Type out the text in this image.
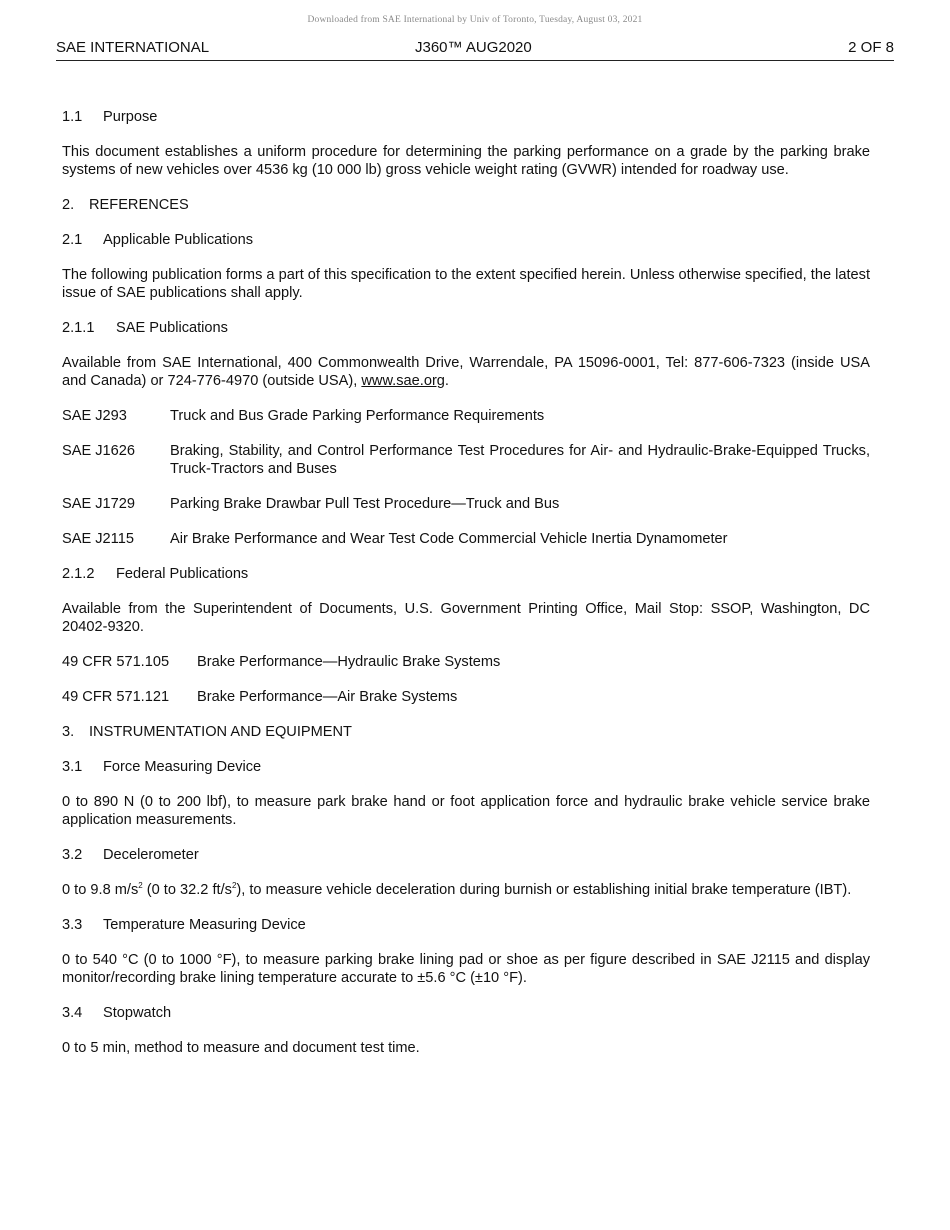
Downloaded from SAE International by Univ of Toronto, Tuesday, August 03, 2021
SAE INTERNATIONAL	J360™ AUG2020	2 OF 8
1.1	Purpose

This document establishes a uniform procedure for determining the parking performance on a grade by the parking brake systems of new vehicles over 4536 kg (10 000 lb) gross vehicle weight rating (GVWR) intended for roadway use.

2.	REFERENCES
2.1	Applicable Publications

The following publication forms a part of this specification to the extent specified herein. Unless otherwise specified, the latest issue of SAE publications shall apply.

2.1.1	SAE Publications

Available from SAE International, 400 Commonwealth Drive, Warrendale, PA 15096-0001, Tel: 877-606-7323 (inside USA and Canada) or 724-776-4970 (outside USA), www.sae.org.

SAE J293	Truck and Bus Grade Parking Performance Requirements
SAE J1626	Braking, Stability, and Control Performance Test Procedures for Air- and Hydraulic-Brake-Equipped Trucks, Truck-Tractors and Buses
SAE J1729	Parking Brake Drawbar Pull Test Procedure—Truck and Bus
SAE J2115	Air Brake Performance and Wear Test Code Commercial Vehicle Inertia Dynamometer
2.1.2	Federal Publications

Available from the Superintendent of Documents, U.S. Government Printing Office, Mail Stop: SSOP, Washington, DC 20402-9320.

49 CFR 571.105	Brake Performance—Hydraulic Brake Systems
49 CFR 571.121	Brake Performance—Air Brake Systems
3.	INSTRUMENTATION AND EQUIPMENT
3.1	Force Measuring Device

0 to 890 N (0 to 200 lbf), to measure park brake hand or foot application force and hydraulic brake vehicle service brake application measurements.

3.2	Decelerometer

0 to 9.8 $m/s^2$ (0 to 32.2 $ft/s^2$), to measure vehicle deceleration during burnish or establishing initial brake temperature (IBT).

3.3	Temperature Measuring Device

0 to 540 °C (0 to 1000 °F), to measure parking brake lining pad or shoe as per figure described in SAE J2115 and display monitor/recording brake lining temperature accurate to ±5.6 °C (±10 °F).

3.4	Stopwatch

0 to 5 min, method to measure and document test time.
